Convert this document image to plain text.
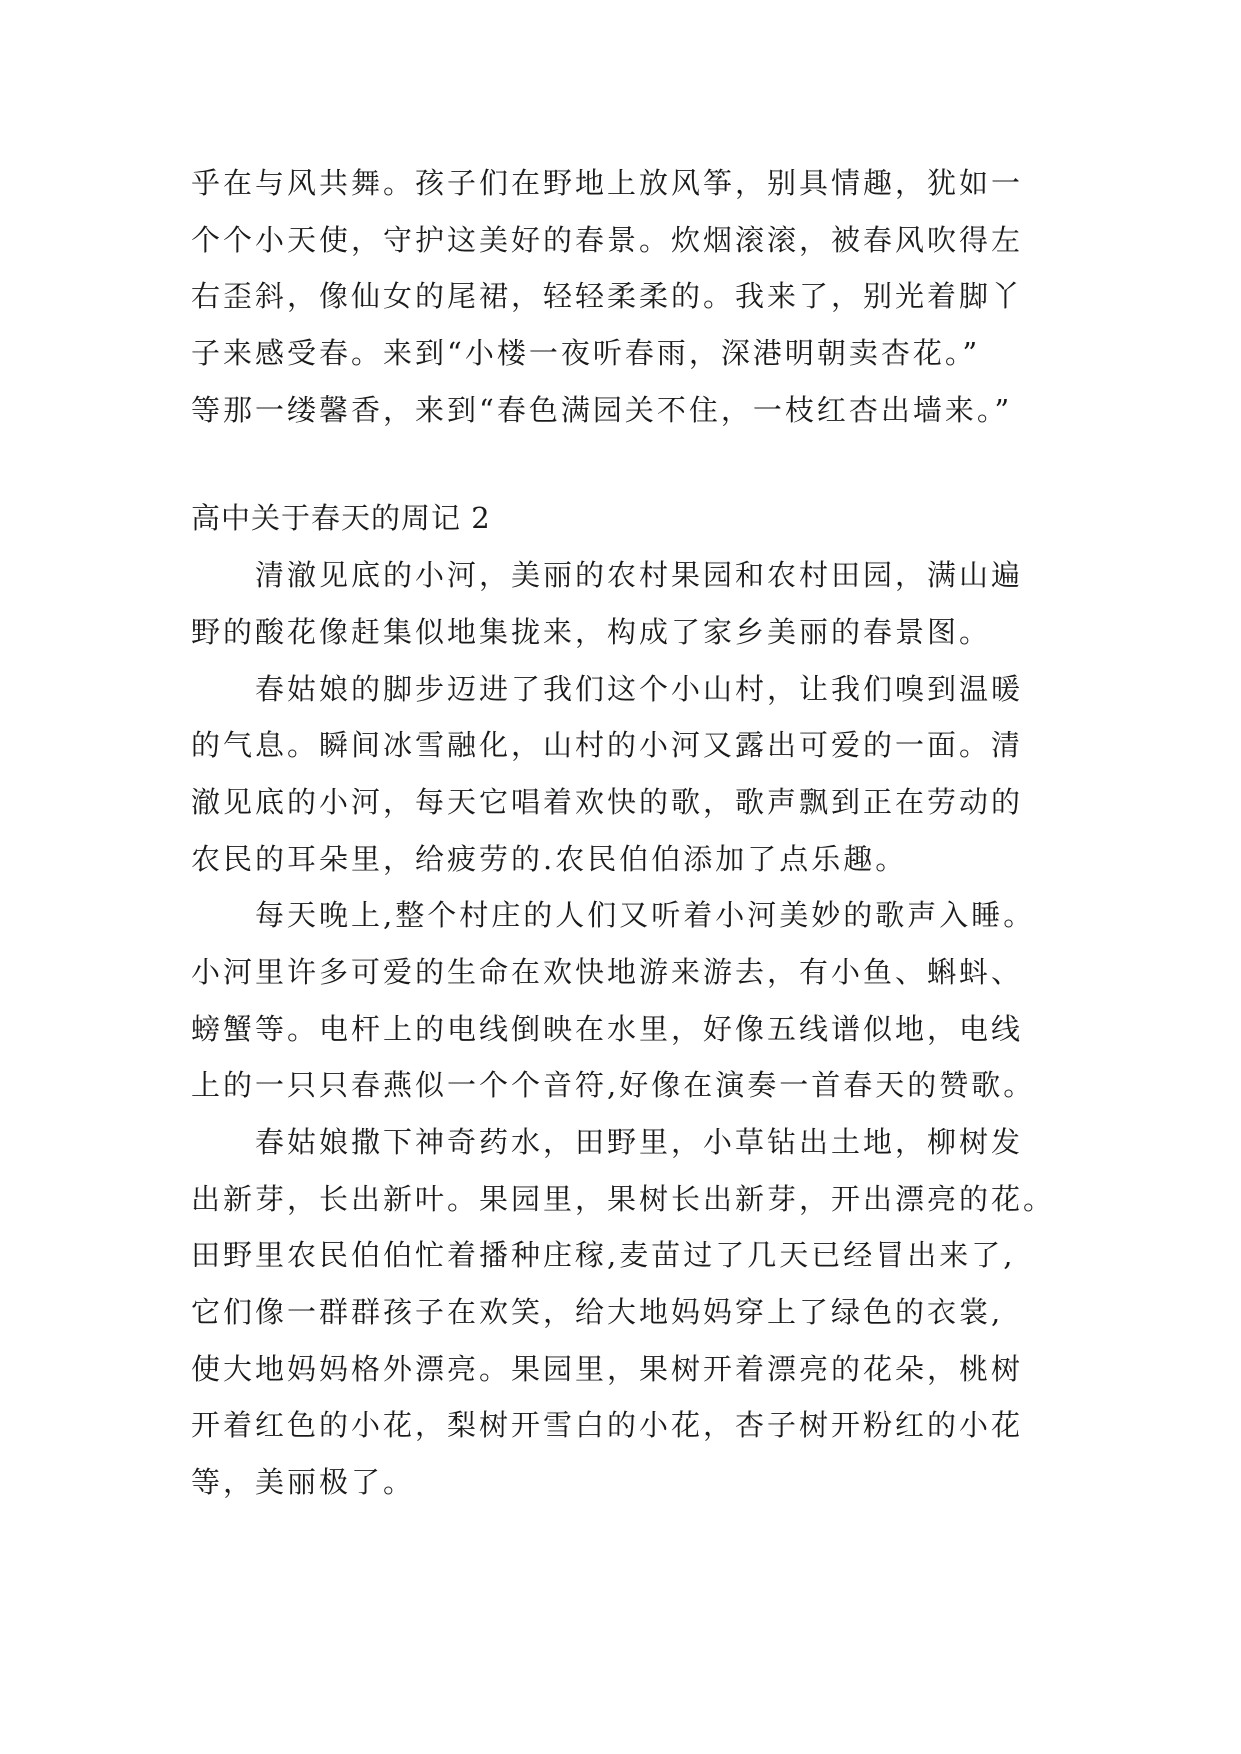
乎在与风共舞。孩子们在野地上放风筝，别具情趣，犹如一
个个小天使，守护这美好的春景。炊烟滚滚，被春风吹得左
右歪斜，像仙女的尾裙，轻轻柔柔的。我来了，别光着脚丫
子来感受春。来到“小楼一夜听春雨，深港明朝卖杏花。”
等那一缕馨香，来到“春色满园关不住，一枝红杏出墙来。”
高中关于春天的周记 2
清澈见底的小河，美丽的农村果园和农村田园，满山遍
野的酸花像赶集似地集拢来，构成了家乡美丽的春景图。
春姑娘的脚步迈进了我们这个小山村，让我们嗅到温暖
的气息。瞬间冰雪融化，山村的小河又露出可爱的一面。清
澈见底的小河，每天它唱着欢快的歌，歌声飘到正在劳动的
农民的耳朵里，给疲劳的.农民伯伯添加了点乐趣。
每天晚上,整个村庄的人们又听着小河美妙的歌声入睡。
小河里许多可爱的生命在欢快地游来游去，有小鱼、蝌蚪、
螃蟹等。电杆上的电线倒映在水里，好像五线谱似地，电线
上的一只只春燕似一个个音符,好像在演奏一首春天的赞歌。
春姑娘撒下神奇药水，田野里，小草钻出土地，柳树发
出新芽，长出新叶。果园里，果树长出新芽，开出漂亮的花。
田野里农民伯伯忙着播种庄稼,麦苗过了几天已经冒出来了,
它们像一群群孩子在欢笑，给大地妈妈穿上了绿色的衣裳,
使大地妈妈格外漂亮。果园里，果树开着漂亮的花朵，桃树
开着红色的小花，梨树开雪白的小花，杏子树开粉红的小花
等，美丽极了。
